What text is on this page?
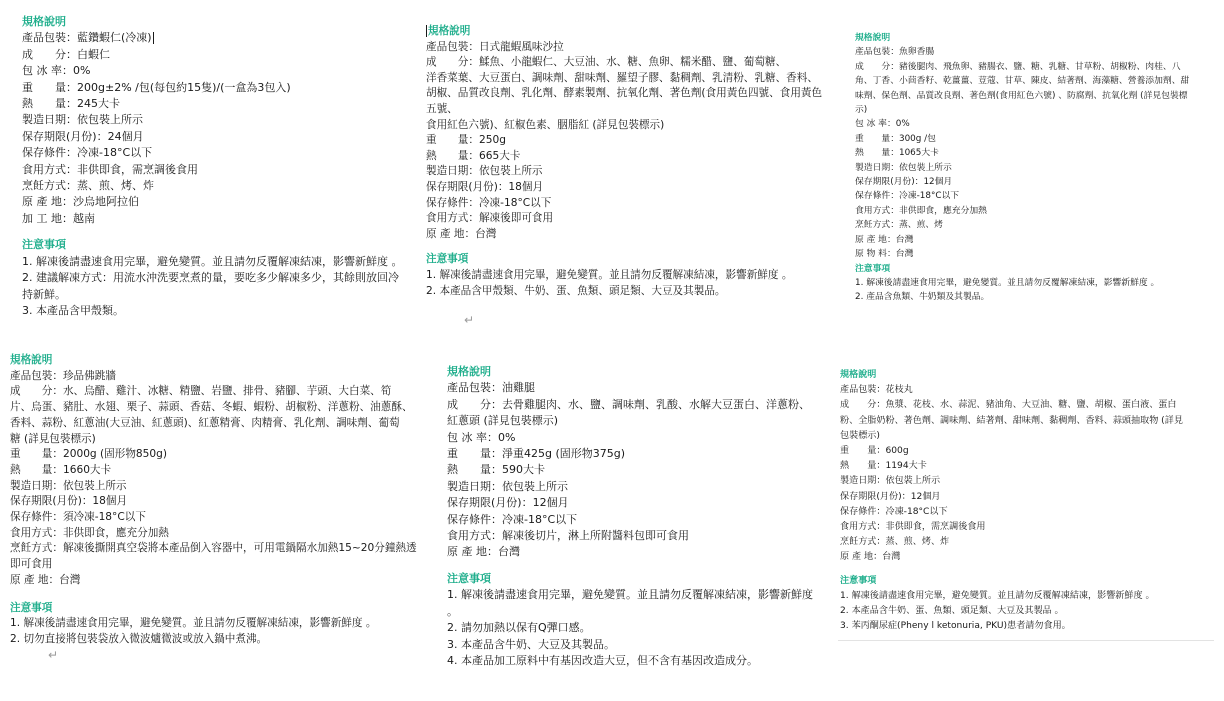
規格說明
產品包裝：藍鑽蝦仁(冷凍)
成　　分：白蝦仁
包 冰 率：0%
重　　量：200g±2% /包(每包約15隻)/(一盒為3包入)
熱　　量：245大卡
製造日期：依包裝上所示
保存期限(月份)：24個月
保存條件：冷凍-18°C以下
食用方式：非供即食，需烹調後食用
烹飪方式：蒸、煎、烤、炸
原 產 地：沙烏地阿拉伯
加 工 地：越南
注意事項
1. 解凍後請盡速食用完畢，避免變質。並且請勿反覆解凍結凍，影響新鮮度 。
2. 建議解凍方式：用流水沖洗要烹煮的量，要吃多少解凍多少，其餘則放回冷
持新鮮。
3. 本產品含甲殼類。
規格說明
產品包裝：日式龍蝦風味沙拉
成　　分：鰇魚、小龍蝦仁、大豆油、水、糖、魚卵、糯米醋、鹽、葡萄糖、
洋香菜葉、大豆蛋白、調味劑、甜味劑、羅望子膠、黏稠劑、乳清粉、乳糖、香料、
胡椒、品質改良劑、乳化劑、酵素製劑、抗氧化劑、著色劑(食用黃色四號、食用黃色
五號、
食用紅色六號)、紅椒色素、胭脂紅 (詳見包裝標示)
重　　量：250g
熱　　量：665大卡
製造日期：依包裝上所示
保存期限(月份)：18個月
保存條件：冷凍-18°C以下
食用方式：解凍後即可食用
原 產 地：台灣
注意事項
1. 解凍後請盡速食用完畢，避免變質。並且請勿反覆解凍結凍，影響新鮮度 。
2. 本產品含甲殼類、牛奶、蛋、魚類、頭足類、大豆及其製品。
↵
規格說明
產品包裝：魚卵香腸
成　　分：豬後腿肉、飛魚卵、豬腸衣、鹽、糖、乳糖、甘草粉、胡椒粉、肉桂、八
角、丁香、小茴香籽、乾薑薑、荳蔻、甘草、陳皮、結著劑、海藻糖、營養添加劑、甜
味劑、保色劑、品質改良劑、著色劑(食用紅色六號) 、防腐劑、抗氧化劑 (詳見包裝標
示)
包 冰 率：0%
重　　量：300g /包
熱　　量：1065大卡
製造日期：依包裝上所示
保存期限(月份)：12個月
保存條件：冷凍-18°C以下
食用方式：非供即食，應充分加熱
烹飪方式：蒸、煎、烤
原 產 地：台灣
原 物 料：台灣
注意事項
1. 解凍後請盡速食用完畢，避免變質。並且請勿反覆解凍結凍，影響新鮮度 。
2. 產品含魚類、牛奶類及其製品。
規格說明
產品包裝：珍品佛跳牆
成　　分：水、烏醋、雞汁、冰糖、精鹽、岩鹽、排骨、豬腳、芋頭、大白菜、筍
片、烏蛋、豬肚、水翅、栗子、蒜頭、香菇、冬蝦、蝦粉、胡椒粉、洋蔥粉、油蔥酥、
香料、蒜粉、紅蔥油(大豆油、紅蔥頭)、紅蔥精膏、肉精膏、乳化劑、調味劑、葡萄
糖 (詳見包裝標示)
重　　量：2000g (固形物850g)
熱　　量：1660大卡
製造日期：依包裝上所示
保存期限(月份)：18個月
保存條件：須冷凍-18°C以下
食用方式：非供即食，應充分加熱
烹飪方式：解凍後撕開真空袋將本產品倒入容器中，可用電鍋隔水加熱15~20分鐘熱透
即可食用
原 產 地：台灣
注意事項
1. 解凍後請盡速食用完畢，避免變質。並且請勿反覆解凍結凍，影響新鮮度 。
2. 切勿直接將包裝袋放入微波爐微波或放入鍋中煮沸。
↵
規格說明
產品包裝：油雞腿
成　　分：去骨雞腿肉、水、鹽、調味劑、乳酸、水解大豆蛋白、洋蔥粉、
紅蔥頭 (詳見包裝標示)
包 冰 率：0%
重　　量：淨重425g (固形物375g)
熱　　量：590大卡
製造日期：依包裝上所示
保存期限(月份)：12個月
保存條件：冷凍-18°C以下
食用方式：解凍後切片，淋上所附醬料包即可食用
原 產 地：台灣
注意事項
1. 解凍後請盡速食用完畢，避免變質。並且請勿反覆解凍結凍，影響新鮮度
。
2. 請勿加熱以保有Q彈口感。
3. 本產品含牛奶、大豆及其製品。
4. 本產品加工原料中有基因改造大豆，但不含有基因改造成分。
規格說明
產品包裝：花枝丸
成　　分：魚漿、花枝、水、蒜泥、豬油角、大豆油、糖、鹽、胡椒、蛋白液、蛋白
粉、全脂奶粉、著色劑、調味劑、結著劑、甜味劑、黏稠劑、香料、蒜頭抽取物 (詳見
包裝標示)
重　　量：600g
熱　　量：1194大卡
製造日期：依包裝上所示
保存期限(月份)：12個月
保存條件：冷凍-18°C以下
食用方式：非供即食，需烹調後食用
烹飪方式：蒸、煎、烤、炸
原 產 地：台灣
注意事項
1. 解凍後請盡速食用完畢，避免變質。並且請勿反覆解凍結凍，影響新鮮度 。
2. 本產品含牛奶、蛋、魚類、頭足類、大豆及其製品 。
3. 苯丙酮尿症(Pheny l ketonuria, PKU)患者請勿食用。
